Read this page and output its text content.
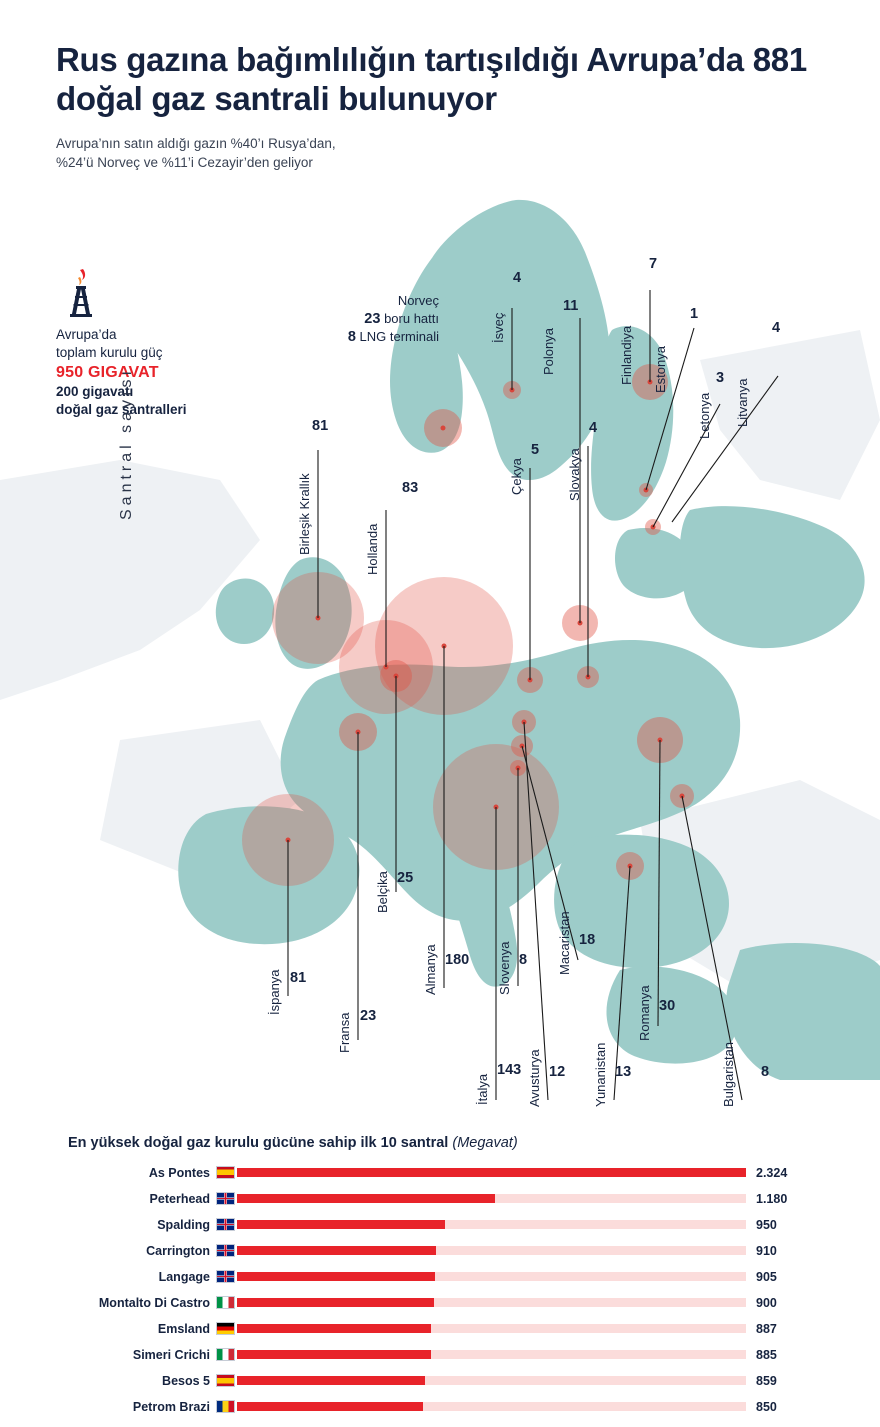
Rus gazına bağımlılığın tartışıldığı Avrupa’da 881 doğal gaz santrali bulunuyor
Avrupa’nın satın aldığı gazın %40’ı Rusya’dan,
%24’ü Norveç ve %11’i Cezayir’den geliyor
Avrupa’da
toplam kurulu güç
950 GIGAVAT
200 gigavatı
doğal gaz santralleri
Norveç
23 boru hattı
8 LNG terminali
Birleşik Krallık
81
Hollanda
83
İsveç
4
Polonya
11
Finlandiya
7
Estonya
1
Letonya
3
Litvanya
4
Çekya
5 Slovakya
4
İspanya 81
Fransa 23
Belçika 25
Almanya 180 Slovenya 8
İtalya
143 Avusturya 12
Macaristan 18
Yunanistan 13
Romanya 30
Bulgaristan 8
Santral sayısı
En yüksek doğal gaz kurulu gücüne sahip ilk 10 santral (Megavat)
As Pontes	2.324
Peterhead	1.180
Spalding	950
Carrington	910
Langage	905
Montalto Di Castro	900
Emsland	887
Simeri Crichi	885
Besos 5	859
Petrom Brazi	850
